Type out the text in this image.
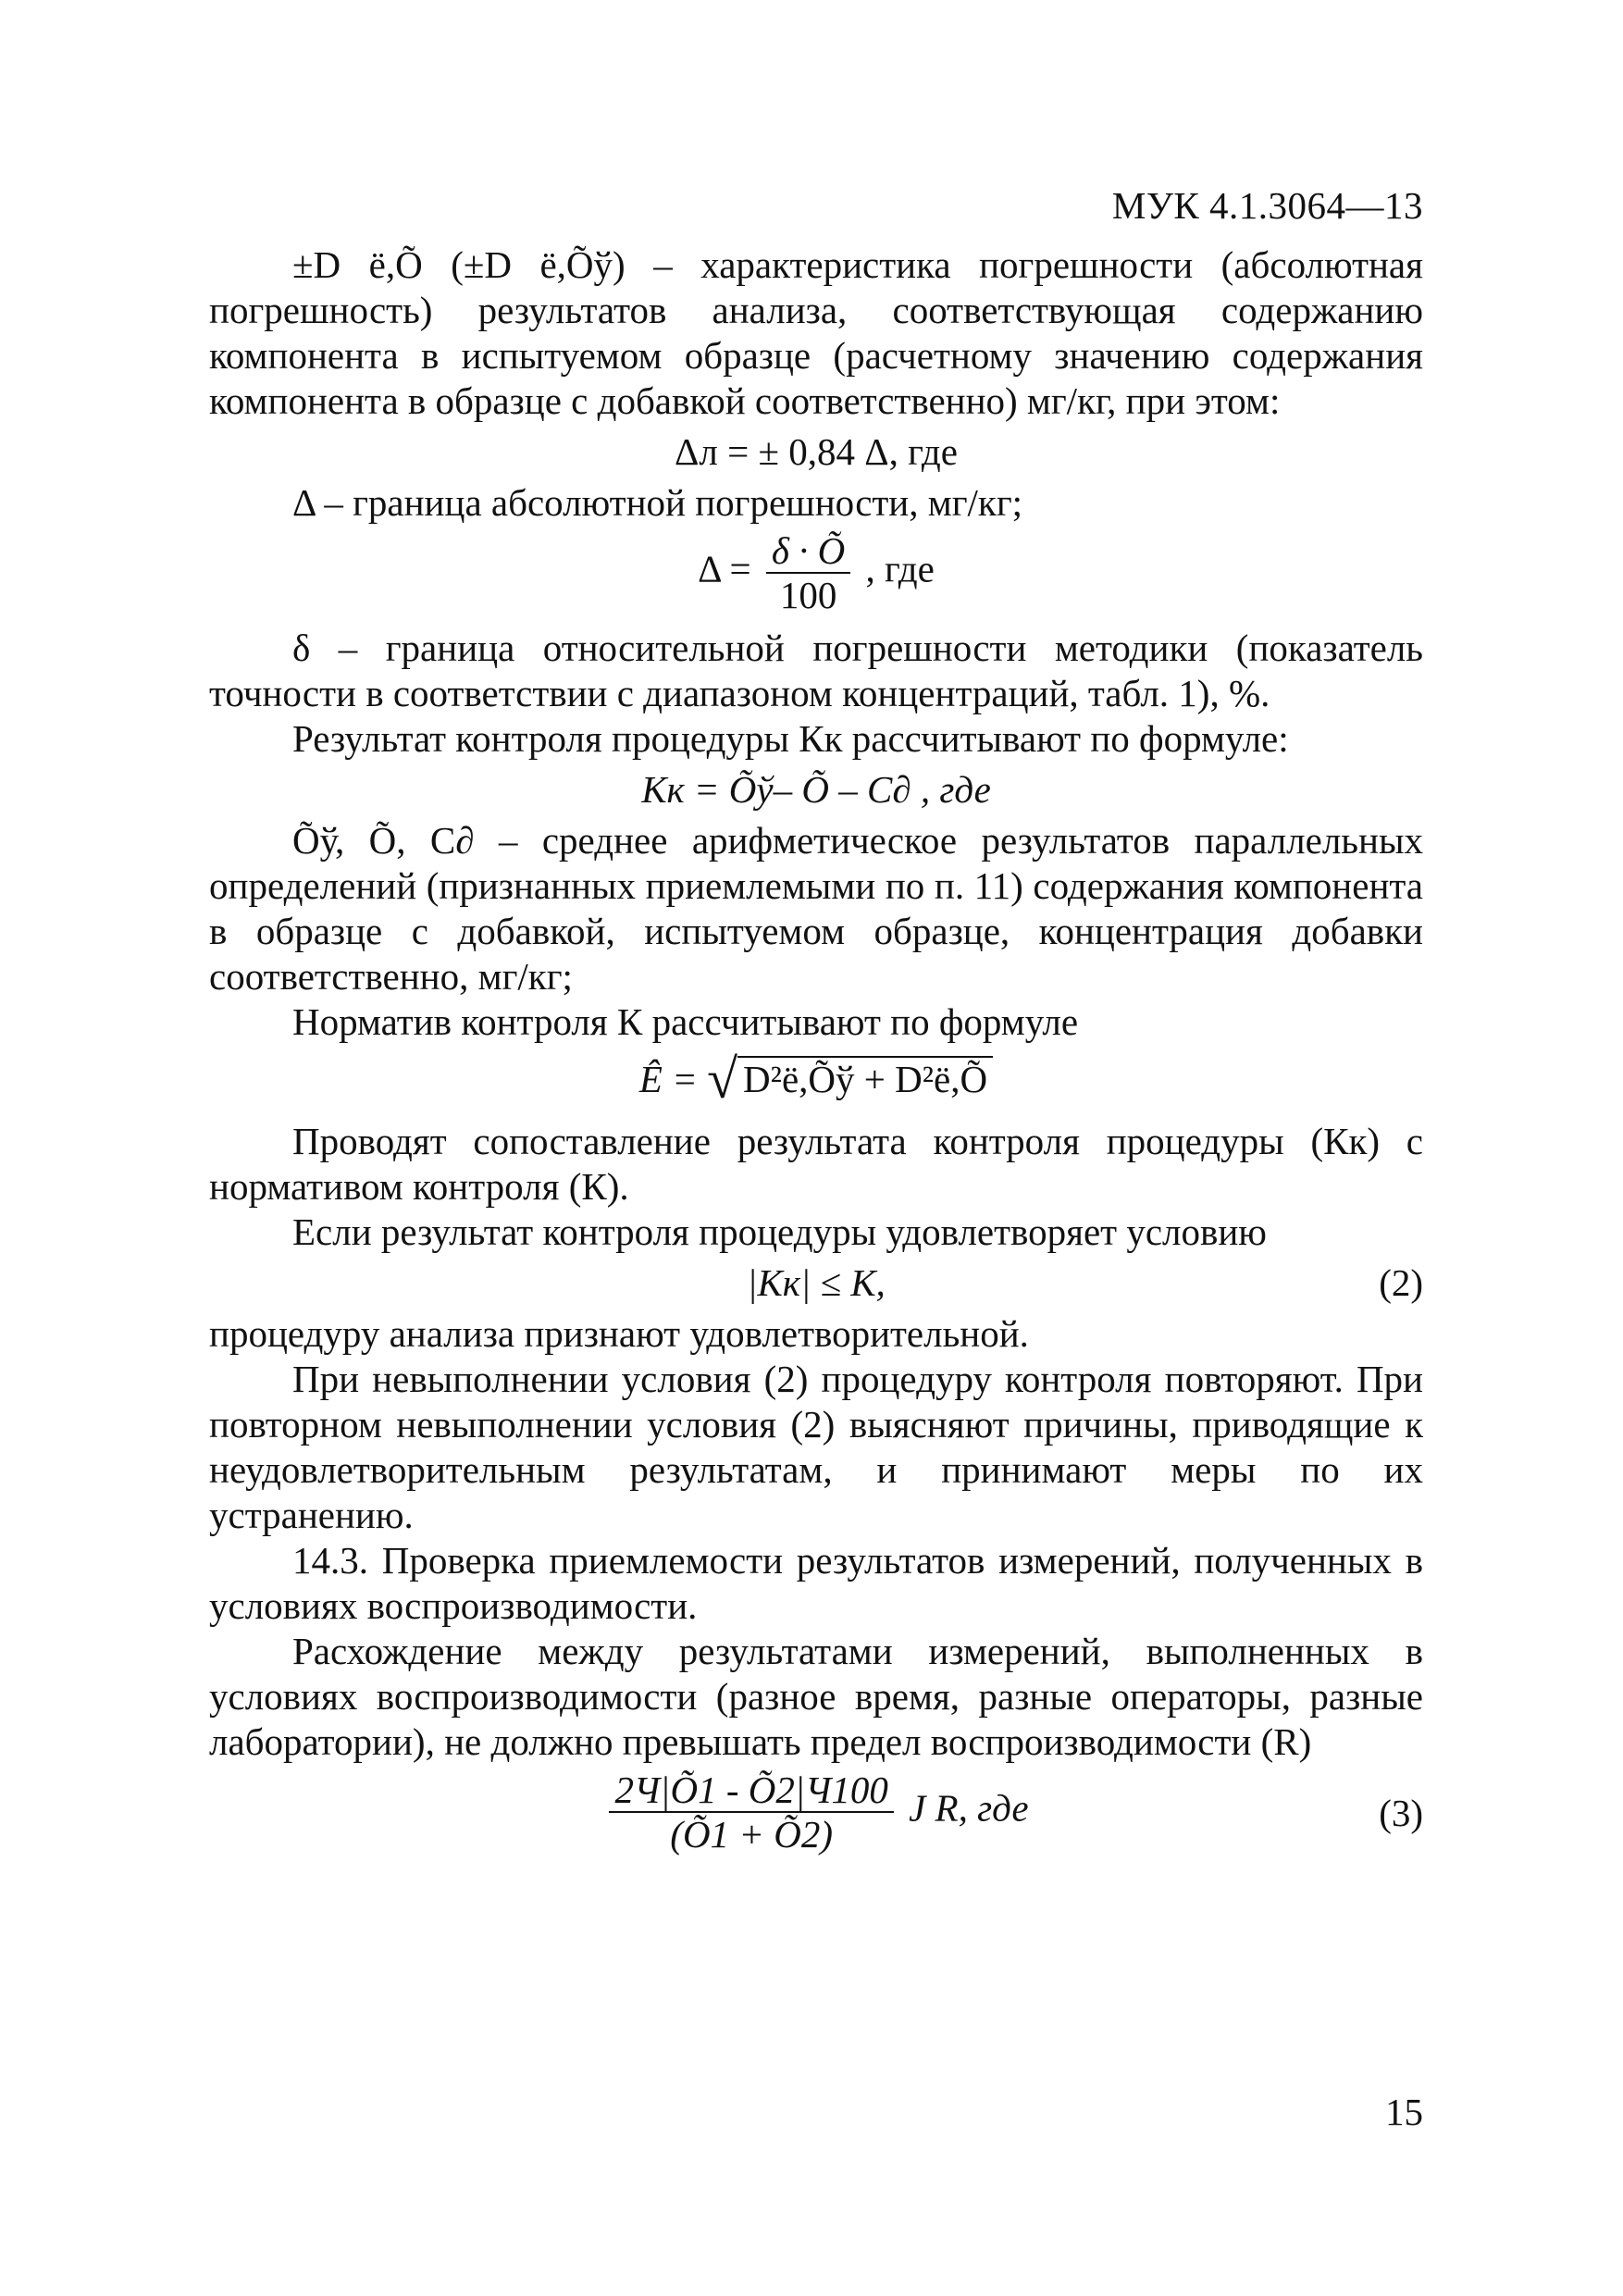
МУК 4.1.3064—13

±D ё,Õ (±D ё,Õў) – характеристика погрешности (абсолютная погрешность) результатов анализа, соответствующая содержанию компонента в испытуемом образце (расчетному значению содержания компонента в образце с добавкой соответственно) мг/кг, при этом:

Δл = ± 0,84 Δ, где

Δ – граница абсолютной погрешности, мг/кг;

$\Delta = \frac{\delta \cdot Õ}{100}$ , где

δ – граница относительной погрешности методики (показатель точности в соответствии с диапазоном концентраций, табл. 1), %.

Результат контроля процедуры Кк рассчитывают по формуле:

Кк = Õў– Õ – С∂ , где

Õў, Õ, С∂ – среднее арифметическое результатов параллельных определений (признанных приемлемыми по п. 11) содержания компонента в образце с добавкой, испытуемом образце, концентрация добавки соответственно, мг/кг;

Норматив контроля К рассчитывают по формуле

Ê = √ D²ё,Õў + D²ё,Õ

Проводят сопоставление результата контроля процедуры (Кк) с нормативом контроля (К).

Если результат контроля процедуры удовлетворяет условию

|Кк| ≤ К,	(2)

процедуру анализа признают удовлетворительной.

При невыполнении условия (2) процедуру контроля повторяют. При повторном невыполнении условия (2) выясняют причины, приводящие к неудовлетворительным результатам, и принимают меры по их устранению.

14.3. Проверка приемлемости результатов измерений, полученных в условиях воспроизводимости.

Расхождение между результатами измерений, выполненных в условиях воспроизводимости (разное время, разные операторы, разные лаборатории), не должно превышать предел воспроизводимости (R)

$\frac{2Ч|Õ1 - Õ2|Ч100}{(Õ1 + Õ2)}$ J R, где	(3)
15
